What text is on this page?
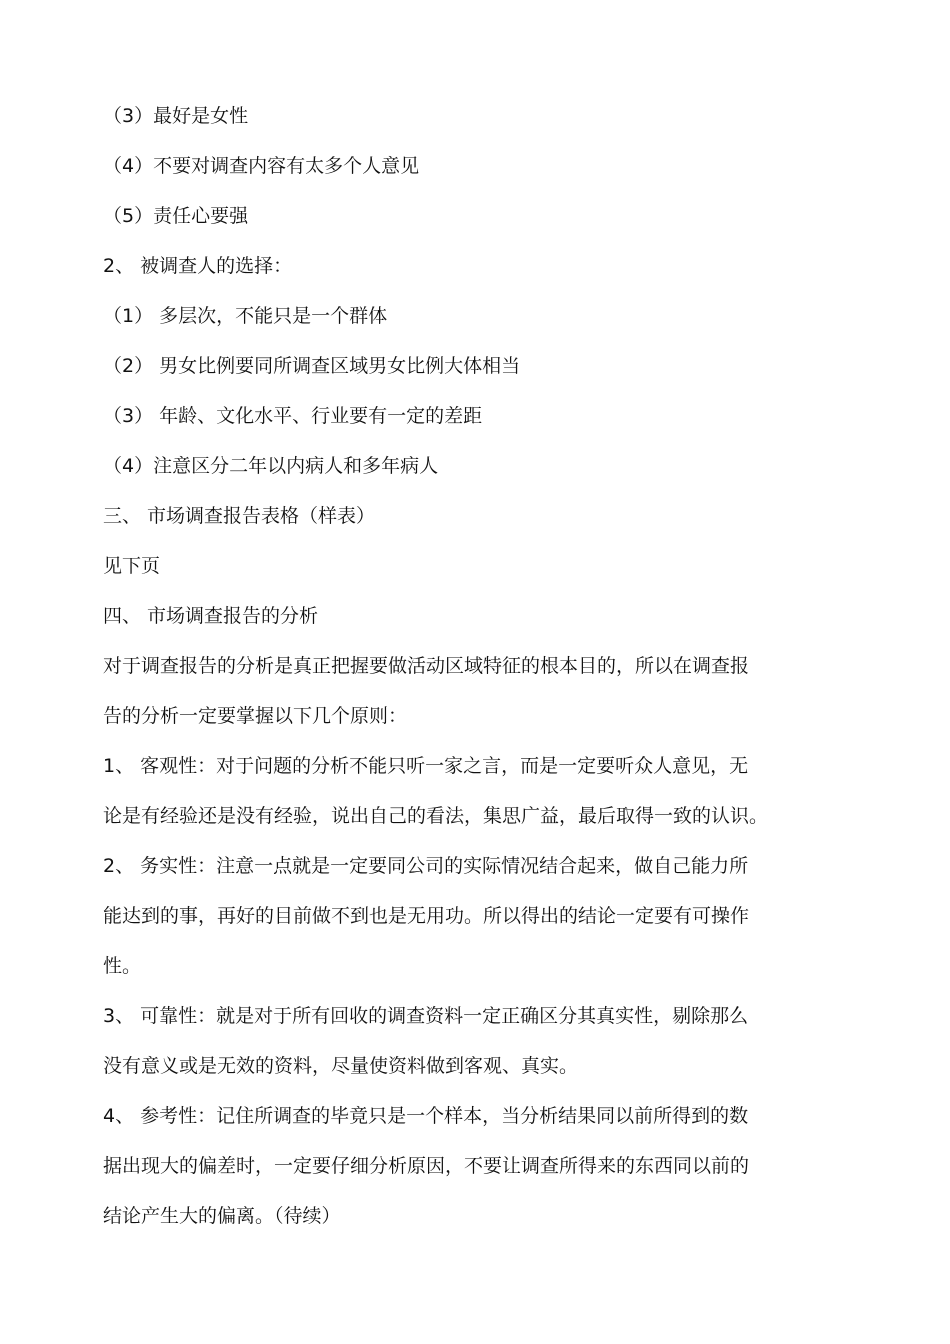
（3）最好是女性
（4）不要对调查内容有太多个人意见
（5）责任心要强
2、 被调查人的选择：
（1） 多层次，不能只是一个群体
（2） 男女比例要同所调查区域男女比例大体相当
（3） 年龄、文化水平、行业要有一定的差距
（4）注意区分二年以内病人和多年病人
三、 市场调查报告表格（样表）
见下页
四、 市场调查报告的分析
对于调查报告的分析是真正把握要做活动区域特征的根本目的，所以在调查报
告的分析一定要掌握以下几个原则：
1、 客观性：对于问题的分析不能只听一家之言，而是一定要听众人意见，无
论是有经验还是没有经验，说出自己的看法，集思广益，最后取得一致的认识。
2、 务实性：注意一点就是一定要同公司的实际情况结合起来，做自己能力所
能达到的事，再好的目前做不到也是无用功。所以得出的结论一定要有可操作
性。
3、 可靠性：就是对于所有回收的调查资料一定正确区分其真实性，剔除那么
没有意义或是无效的资料，尽量使资料做到客观、真实。
4、 参考性：记住所调查的毕竟只是一个样本，当分析结果同以前所得到的数
据出现大的偏差时，一定要仔细分析原因，不要让调查所得来的东西同以前的
结论产生大的偏离。（待续）
